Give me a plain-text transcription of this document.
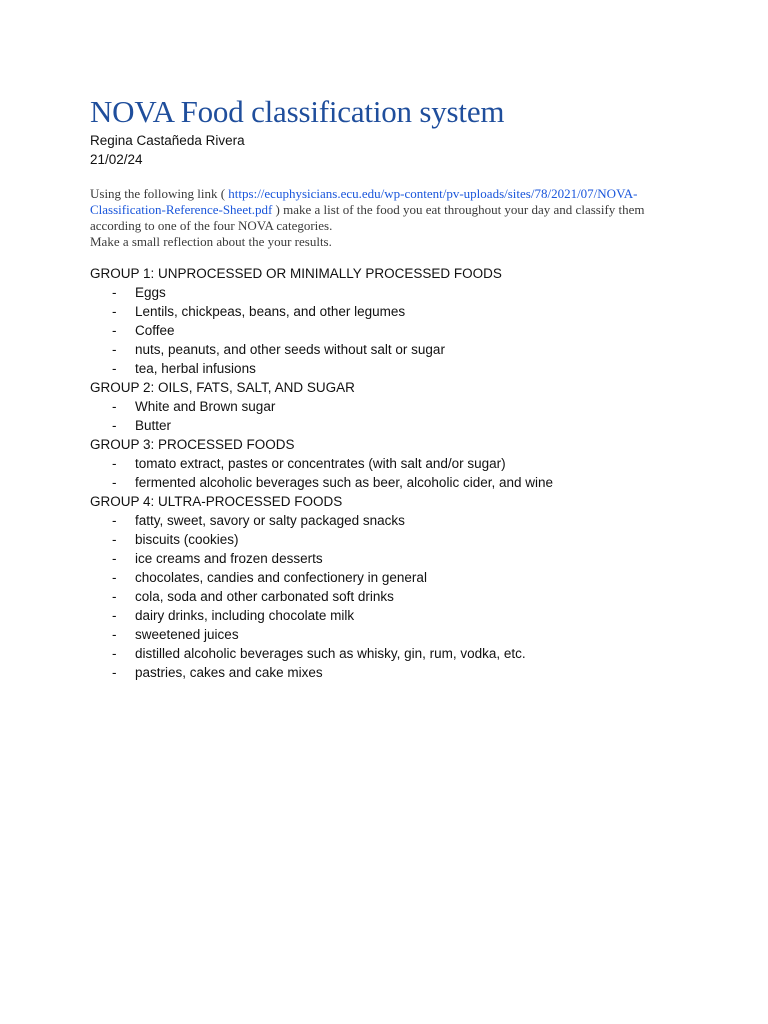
NOVA Food classification system
Regina Castañeda Rivera
21/02/24
Using the following link ( https://ecuphysicians.ecu.edu/wp-content/pv-uploads/sites/78/2021/07/NOVA-Classification-Reference-Sheet.pdf ) make a list of the food you eat throughout your day and classify them according to one of the four NOVA categories.
Make a small reflection about the your results.
GROUP 1: UNPROCESSED OR MINIMALLY PROCESSED FOODS
- Eggs
- Lentils, chickpeas, beans, and other legumes
- Coffee
- nuts, peanuts, and other seeds without salt or sugar
- tea, herbal infusions
GROUP 2: OILS, FATS, SALT, AND SUGAR
- White and Brown sugar
- Butter
GROUP 3: PROCESSED FOODS
- tomato extract, pastes or concentrates (with salt and/or sugar)
- fermented alcoholic beverages such as beer, alcoholic cider, and wine
GROUP 4: ULTRA-PROCESSED FOODS
- fatty, sweet, savory or salty packaged snacks
- biscuits (cookies)
- ice creams and frozen desserts
- chocolates, candies and confectionery in general
- cola, soda and other carbonated soft drinks
- dairy drinks, including chocolate milk
- sweetened juices
- distilled alcoholic beverages such as whisky, gin, rum, vodka, etc.
- pastries, cakes and cake mixes
